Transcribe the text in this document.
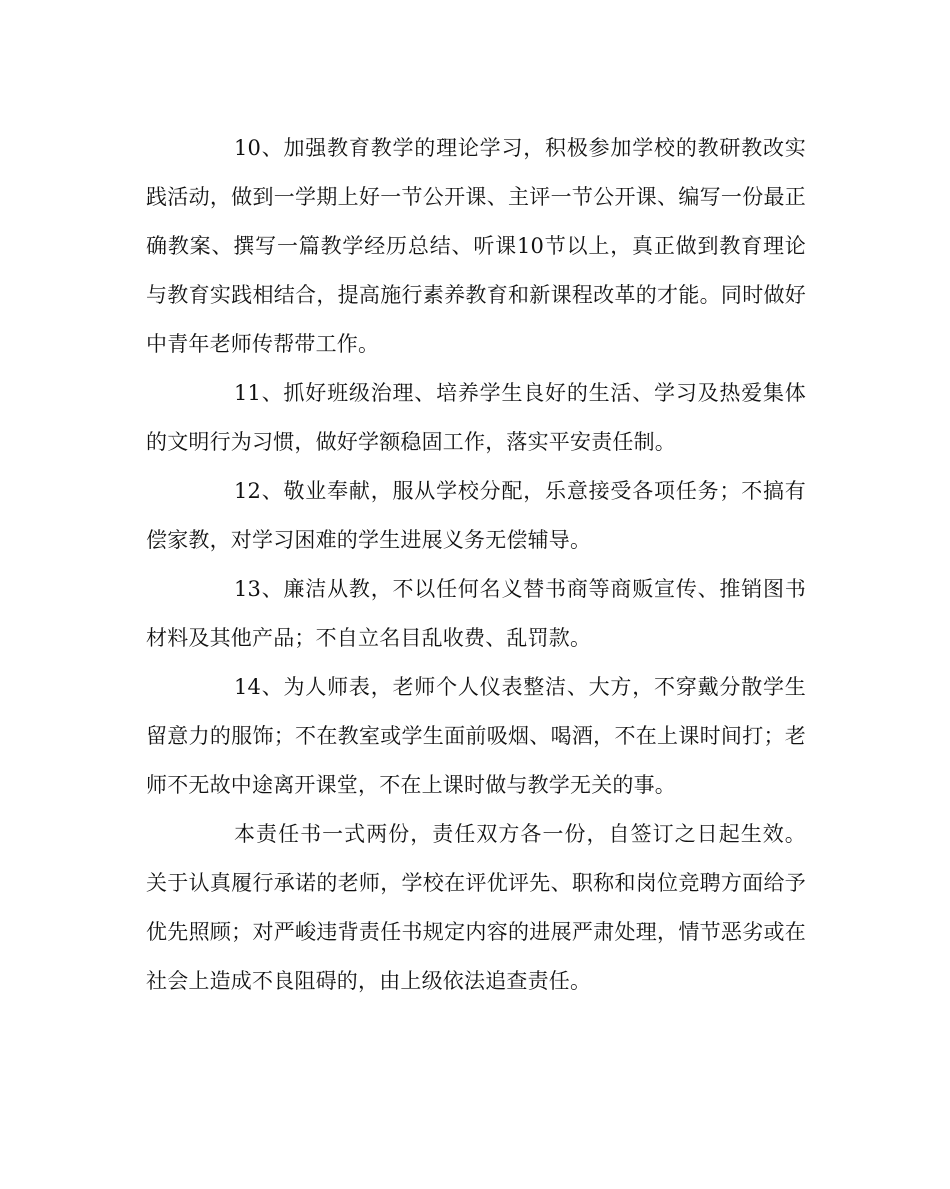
10、加强教育教学的理论学习，积极参加学校的教研教改实践活动，做到一学期上好一节公开课、主评一节公开课、编写一份最正确教案、撰写一篇教学经历总结、听课10节以上，真正做到教育理论与教育实践相结合，提高施行素养教育和新课程改革的才能。同时做好中青年老师传帮带工作。

11、抓好班级治理、培养学生良好的生活、学习及热爱集体的文明行为习惯，做好学额稳固工作，落实平安责任制。

12、敬业奉献，服从学校分配，乐意接受各项任务；不搞有偿家教，对学习困难的学生进展义务无偿辅导。

13、廉洁从教，不以任何名义替书商等商贩宣传、推销图书材料及其他产品；不自立名目乱收费、乱罚款。

14、为人师表，老师个人仪表整洁、大方，不穿戴分散学生留意力的服饰；不在教室或学生面前吸烟、喝酒，不在上课时间打；老师不无故中途离开课堂，不在上课时做与教学无关的事。

本责任书一式两份，责任双方各一份，自签订之日起生效。关于认真履行承诺的老师，学校在评优评先、职称和岗位竞聘方面给予优先照顾；对严峻违背责任书规定内容的进展严肃处理，情节恶劣或在社会上造成不良阻碍的，由上级依法追查责任。
